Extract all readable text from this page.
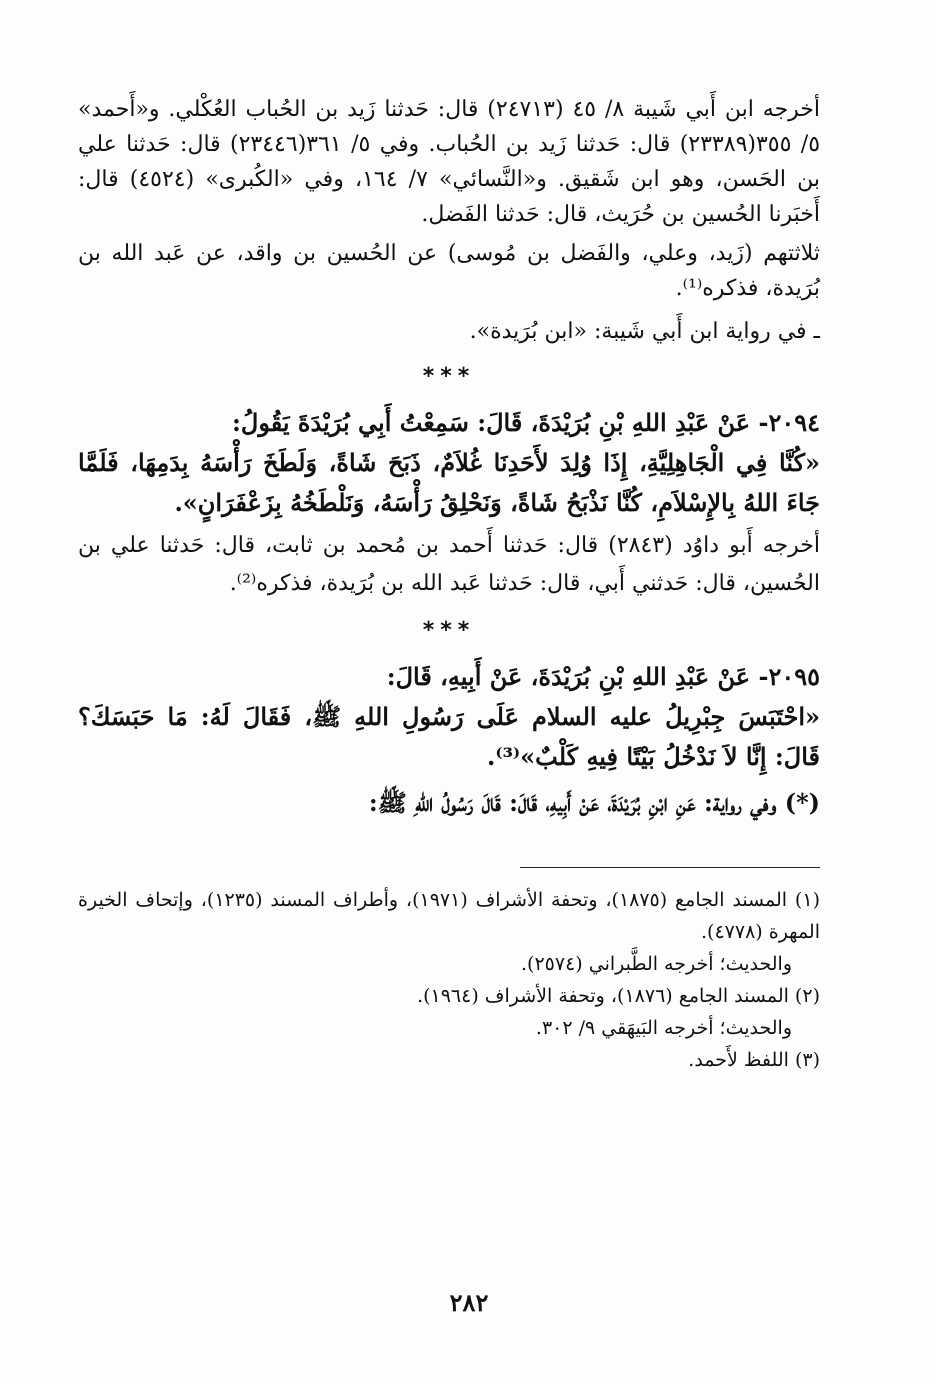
أخرجه ابن أَبي شَيبة ٨/ ٤٥ (٢٤٧١٣) قال: حَدثنا زَيد بن الحُباب العُكْلي. و«أَحمد» ٥/ ٣٥٥(٢٣٣٨٩) قال: حَدثنا زَيد بن الحُباب. وفي ٥/ ٣٦١(٢٣٤٤٦) قال: حَدثنا علي بن الحَسن، وهو ابن شَقيق. و«النَّسائي» ٧/ ١٦٤، وفي «الكُبرى» (٤٥٢٤) قال: أَخبَرنا الحُسين بن حُرَيث، قال: حَدثنا الفَضل.

ثلاثتهم (زَيد، وعلي، والفَضل بن مُوسى) عن الحُسين بن واقد، عن عَبد الله بن بُرَيدة، فذكره⁽¹⁾.

ـ في رواية ابن أَبي شَيبة: «ابن بُرَيدة».

***

٢٠٩٤- عَنْ عَبْدِ اللهِ بْنِ بُرَيْدَةَ، قَالَ: سَمِعْتُ أَبِي بُرَيْدَةَ يَقُولُ:

«كُنَّا فِي الْجَاهِلِيَّةِ، إِذَا وُلِدَ لأَحَدِنَا غُلاَمٌ، ذَبَحَ شَاةً، وَلَطَخَ رَأْسَهُ بِدَمِهَا، فَلَمَّا جَاءَ اللهُ بِالإِسْلاَمِ، كُنَّا نَذْبَحُ شَاةً، وَنَحْلِقُ رَأْسَهُ، وَنَلْطَخُهُ بِزَعْفَرَانٍ».

أخرجه أَبو داوُد (٢٨٤٣) قال: حَدثنا أَحمد بن مُحمد بن ثابت، قال: حَدثنا علي بن الحُسين، قال: حَدثني أَبي، قال: حَدثنا عَبد الله بن بُرَيدة، فذكره⁽²⁾.

***

٢٠٩٥- عَنْ عَبْدِ اللهِ بْنِ بُرَيْدَةَ، عَنْ أَبِيهِ، قَالَ:

«احْتَبَسَ جِبْرِيلُ عليه السلام عَلَى رَسُولِ اللهِ ﷺ، فَقَالَ لَهُ: مَا حَبَسَكَ؟ قَالَ: إِنَّا لاَ نَدْخُلُ بَيْتًا فِيهِ كَلْبٌ»⁽³⁾.

(*) وفي رواية: عَنِ ابْنِ بُرَيْدَةَ، عَنْ أَبِيهِ، قَالَ: قَالَ رَسُولُ اللهِ ﷺ:

(١) المسند الجامع (١٨٧٥)، وتحفة الأشراف (١٩٧١)، وأطراف المسند (١٢٣٥)، وإتحاف الخيرة المهرة (٤٧٧٨).

والحديث؛ أخرجه الطَّبراني (٢٥٧٤).

(٢) المسند الجامع (١٨٧٦)، وتحفة الأشراف (١٩٦٤).

والحديث؛ أخرجه البَيهَقي ٩/ ٣٠٢.

(٣) اللفظ لأَحمد.

٢٨٢
